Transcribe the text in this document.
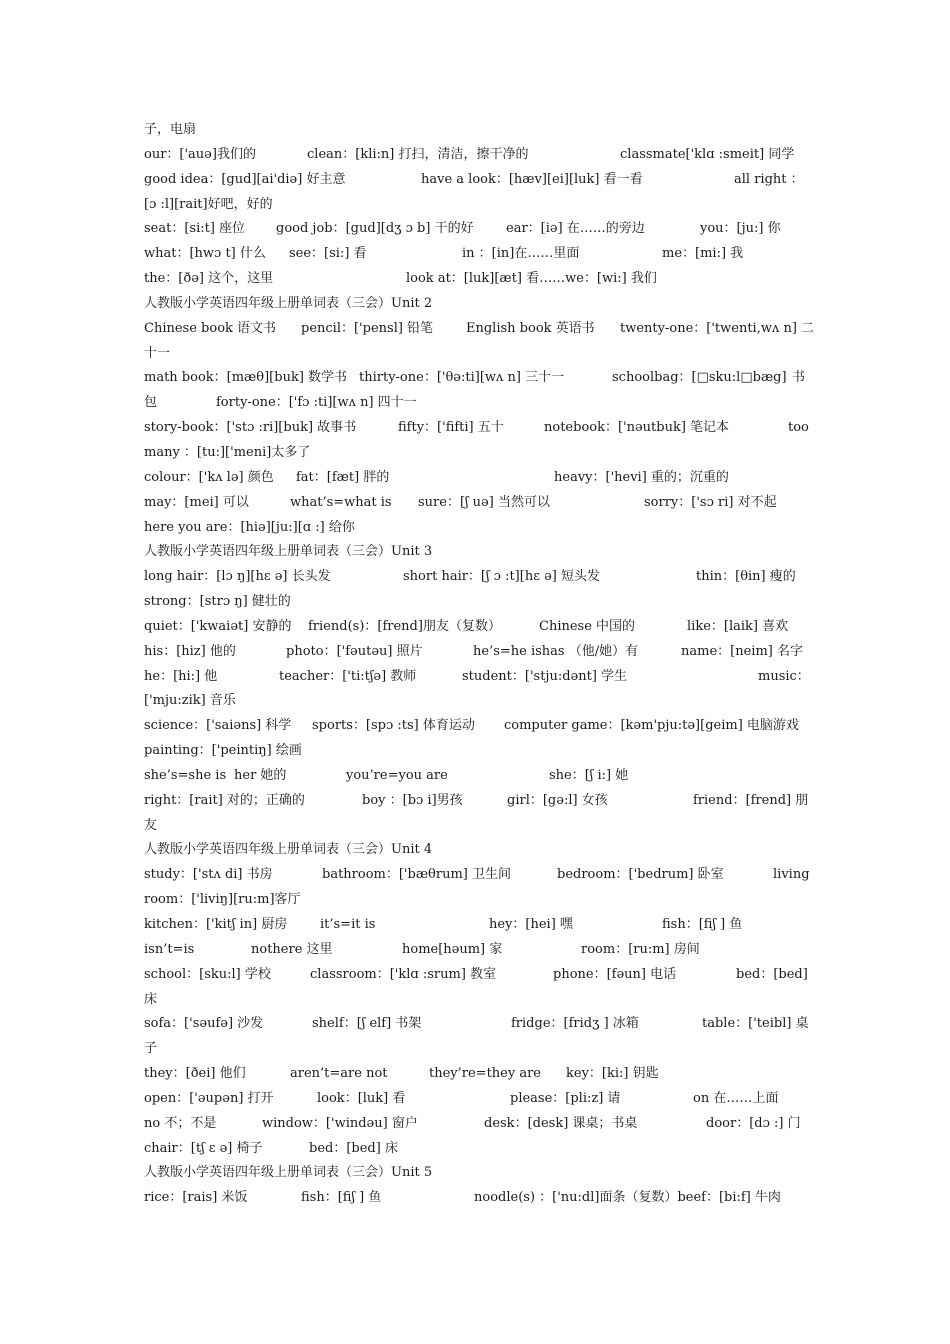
子，电扇
our：['auə]我们的	clean：[kli:n] 打扫，清洁，擦干净的	classmate['klɑ :smeit] 同学
good idea：[gud][ai'diə] 好主意	have a look：[hæv][ei][luk] 看一看	all right ：
[ɔ :l][rait]好吧，好的
seat：[si:t] 座位 good job：[gud][dʒ ɔ b] 干的好 ear：[iə] 在……的旁边	you：[ju:] 你
what：[hwɔ t] 什么 see：[si:] 看	in ：[in]在……里面	me：[mi:] 我
the：[ðə] 这个，这里	look at：[luk][æt] 看……we：[wi:] 我们
人教版小学英语四年级上册单词表（三会）Unit 2
Chinese book 语文书 pencil：['pensl] 铅笔	English book 英语书 twenty-one：['twenti,wʌ n] 二
十一
math book：[mæθ][buk] 数学书 thirty-one：['θə:ti][wʌ n] 三十一	schoolbag：[□sku:l□bæg] 书
包	forty-one：['fɔ :ti][wʌ n] 四十一
story-book：['stɔ :ri][buk] 故事书	fifty：['fifti] 五十	notebook：['nəutbuk] 笔记本	too
many ：[tu:]['meni]太多了
colour：['kʌ lə] 颜色 fat：[fæt] 胖的	heavy：['hevi] 重的；沉重的
may：[mei] 可以	what’s=what is sure：[ʃ uə] 当然可以	sorry：['sɔ ri] 对不起
here you are：[hiə][ju:][ɑ :] 给你
人教版小学英语四年级上册单词表（三会）Unit 3
long hair：[lɔ ŋ][hɛ ə] 长头发	short hair：[ʃ ɔ :t][hɛ ə] 短头发	thin：[θin] 瘦的
strong：[strɔ ŋ] 健壮的
quiet：['kwaiət] 安静的 friend(s)：[frend]朋友（复数）	Chinese 中国的	like：[laik] 喜欢
his：[hiz] 他的	photo：['fəutəu] 照片	he’s=he ishas （他/她）有	name：[neim] 名字
he：[hi:] 他	teacher：['ti:tʃə] 教师	student：['stju:dənt] 学生	music：
['mju:zik] 音乐
science：['saiəns] 科学 sports：[spɔ :ts] 体育运动 computer game：[kəm'pju:tə][geim] 电脑游戏
painting：['peintiŋ] 绘画
she’s=she is her 她的	you’re=you are	she：[ʃ i:] 她
right：[rait] 对的；正确的	boy ：[bɔ i]男孩	girl：[gə:l] 女孩	friend：[frend] 朋
友
人教版小学英语四年级上册单词表（三会）Unit 4
study：['stʌ di] 书房	bathroom：['bæθrum] 卫生间	bedroom：['bedrum] 卧室	living
room：['liviŋ][ru:m]客厅
kitchen：['kitʃ in] 厨房	it’s=it is	hey：[hei] 嘿	fish：[fiʃ ] 鱼
isn’t=is	nothere 这里	home[həum] 家	room：[ru:m] 房间
school：[sku:l] 学校	classroom：['klɑ :srum] 教室	phone：[fəun] 电话	bed：[bed]
床
sofa：['səufə] 沙发	shelf：[ʃ elf] 书架	fridge：[fridʒ ] 冰箱	table：['teibl] 桌
子
they：[ðei] 他们	aren’t=are not	they’re=they are key：[ki:] 钥匙
open：['əupən] 打开	look：[luk] 看	please：[pli:z] 请	on 在……上面
no 不；不是	window：['windəu] 窗户	desk：[desk] 课桌；书桌	door：[dɔ :] 门
chair：[tʃ ɛ ə] 椅子	bed：[bed] 床
人教版小学英语四年级上册单词表（三会）Unit 5
rice：[rais] 米饭	fish：[fiʃ ] 鱼	noodle(s) ：['nu:dl]面条（复数）beef：[bi:f] 牛肉
